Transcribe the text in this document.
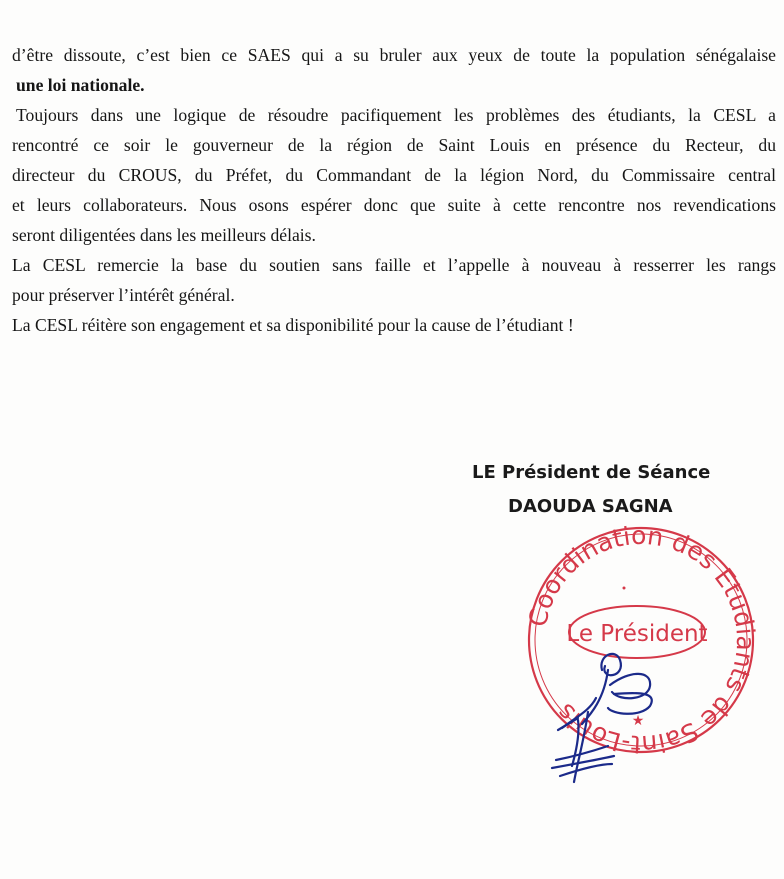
d’être dissoute, c’est bien ce SAES qui a su bruler aux yeux de toute la population sénégalaise

une loi nationale.

Toujours dans une logique de résoudre pacifiquement les problèmes des étudiants, la CESL a

rencontré ce soir le gouverneur de la région de Saint Louis en présence du Recteur, du

directeur du CROUS, du Préfet, du Commandant de la légion Nord, du Commissaire central

et leurs collaborateurs. Nous osons espérer donc que suite à cette rencontre nos revendications

seront diligentées dans les meilleurs délais.

La CESL remercie la base du soutien sans faille et l’appelle à nouveau à resserrer les rangs

pour préserver l’intérêt général.

La CESL réitère son engagement et sa disponibilité pour la cause de l’étudiant !

LE Président de Séance
DAOUDA SAGNA
Coordination des Etudiants de Saint-Louis
Le Président
★
